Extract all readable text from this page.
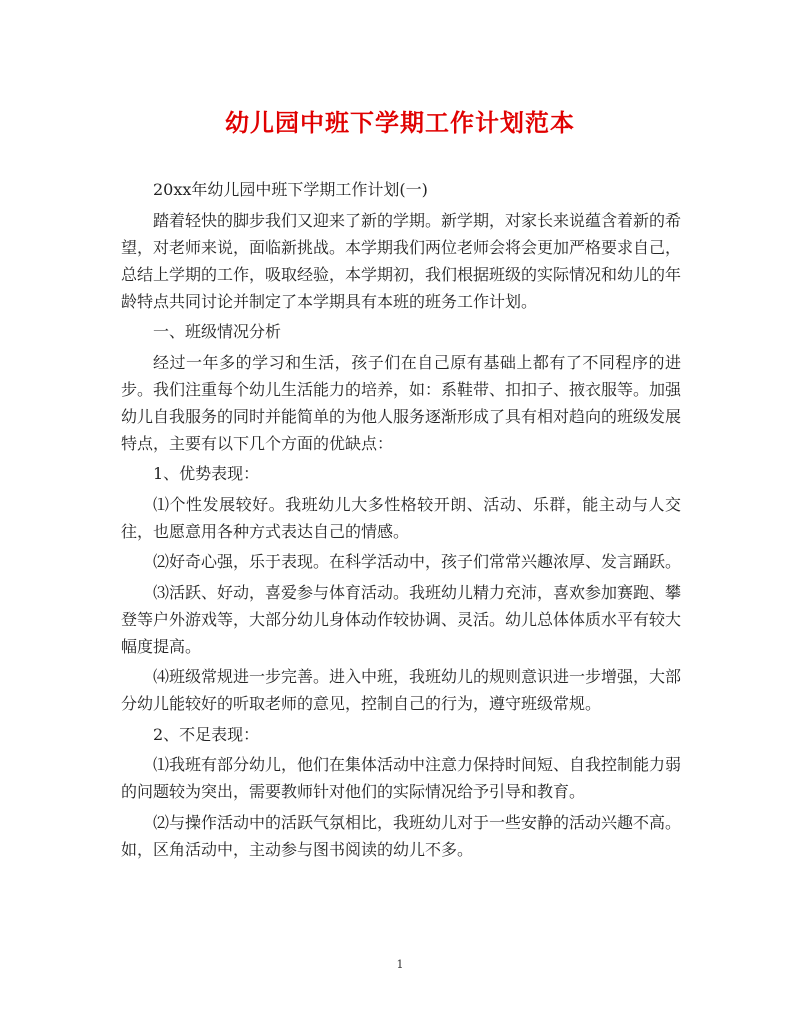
幼儿园中班下学期工作计划范本

20xx年幼儿园中班下学期工作计划(一)

踏着轻快的脚步我们又迎来了新的学期。新学期，对家长来说蕴含着新的希望，对老师来说，面临新挑战。本学期我们两位老师会将会更加严格要求自己，总结上学期的工作，吸取经验，本学期初，我们根据班级的实际情况和幼儿的年龄特点共同讨论并制定了本学期具有本班的班务工作计划。

一、班级情况分析

经过一年多的学习和生活，孩子们在自己原有基础上都有了不同程序的进步。我们注重每个幼儿生活能力的培养，如：系鞋带、扣扣子、掖衣服等。加强幼儿自我服务的同时并能简单的为他人服务逐渐形成了具有相对趋向的班级发展特点，主要有以下几个方面的优缺点：

1、优势表现：

⑴个性发展较好。我班幼儿大多性格较开朗、活动、乐群，能主动与人交往，也愿意用各种方式表达自己的情感。

⑵好奇心强，乐于表现。在科学活动中，孩子们常常兴趣浓厚、发言踊跃。

⑶活跃、好动，喜爱参与体育活动。我班幼儿精力充沛，喜欢参加赛跑、攀登等户外游戏等，大部分幼儿身体动作较协调、灵活。幼儿总体体质水平有较大幅度提高。

⑷班级常规进一步完善。进入中班，我班幼儿的规则意识进一步增强，大部分幼儿能较好的听取老师的意见，控制自己的行为，遵守班级常规。

2、不足表现：

⑴我班有部分幼儿，他们在集体活动中注意力保持时间短、自我控制能力弱的问题较为突出，需要教师针对他们的实际情况给予引导和教育。

⑵与操作活动中的活跃气氛相比，我班幼儿对于一些安静的活动兴趣不高。如，区角活动中，主动参与图书阅读的幼儿不多。

1
